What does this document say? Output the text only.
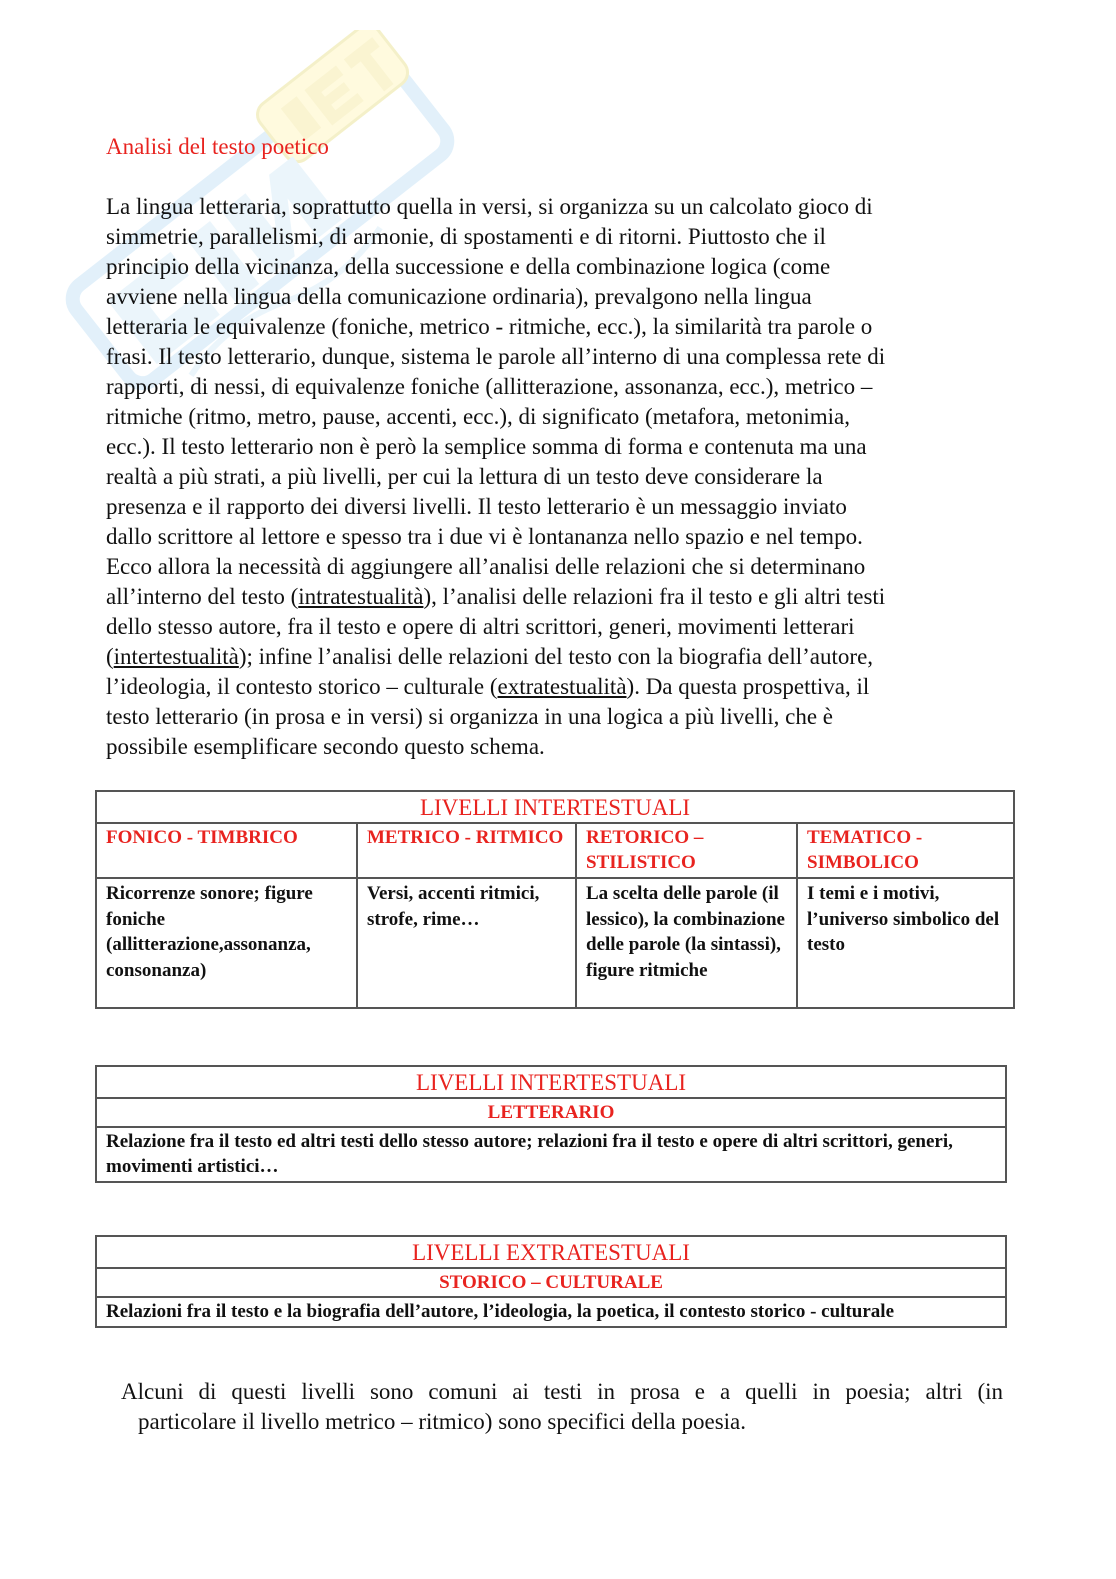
Analisi del testo poetico
La lingua letteraria, soprattutto quella in versi, si organizza su un calcolato gioco di
simmetrie, parallelismi, di armonie, di spostamenti e di ritorni. Piuttosto che il
principio della vicinanza, della successione e della combinazione logica (come
avviene nella lingua della comunicazione ordinaria), prevalgono nella lingua
letteraria le equivalenze (foniche, metrico - ritmiche, ecc.), la similarità tra parole o
frasi. Il testo letterario, dunque, sistema le parole all’interno di una complessa rete di
rapporti, di nessi, di equivalenze foniche (allitterazione, assonanza, ecc.), metrico –
ritmiche (ritmo, metro, pause, accenti, ecc.), di significato (metafora, metonimia,
ecc.). Il testo letterario non è però la semplice somma di forma e contenuta ma una
realtà a più strati, a più livelli, per cui la lettura di un testo deve considerare la
presenza e il rapporto dei diversi livelli. Il testo letterario è un messaggio inviato
dallo scrittore al lettore e spesso tra i due vi è lontananza nello spazio e nel tempo.
Ecco allora la necessità di aggiungere all’analisi delle relazioni che si determinano
all’interno del testo (intratestualità), l’analisi delle relazioni fra il testo e gli altri testi
dello stesso autore, fra il testo e opere di altri scrittori, generi, movimenti letterari
(intertestualità); infine l’analisi delle relazioni del testo con la biografia dell’autore,
l’ideologia, il contesto storico – culturale (extratestualità). Da questa prospettiva, il
testo letterario (in prosa e in versi) si organizza in una logica a più livelli, che è
possibile esemplificare secondo questo schema.
LIVELLI INTERTESTUALI			
FONICO - TIMBRICO	METRICO - RITMICO	RETORICO – STILISTICO	TEMATICO - SIMBOLICO
Ricorrenze sonore; figure foniche (allitterazione,assonanza, consonanza)	Versi, accenti ritmici, strofe, rime…	La scelta delle parole (il lessico), la combinazione delle parole (la sintassi), figure ritmiche	I temi e i motivi, l’universo simbolico del testo
LIVELLI INTERTESTUALI
LETTERARIO
Relazione fra il testo ed altri testi dello stesso autore; relazioni fra il testo e opere di altri scrittori, generi, movimenti artistici…
LIVELLI EXTRATESTUALI
STORICO – CULTURALE
Relazioni fra il testo e la biografia dell’autore, l’ideologia, la poetica, il contesto storico - culturale
Alcuni di questi livelli sono comuni ai testi in prosa e a quelli in poesia; altri (in
particolare il livello metrico – ritmico) sono specifici della poesia.
